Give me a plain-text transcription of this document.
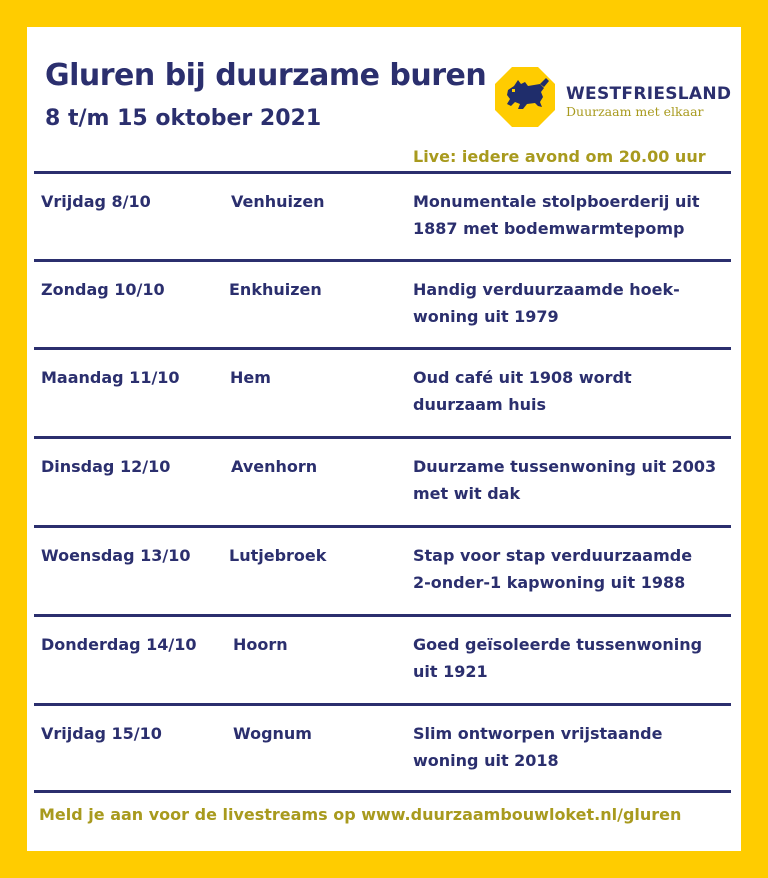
Gluren bij duurzame buren
8 t/m 15 oktober 2021
WESTFRIESLAND
Duurzaam met elkaar
Live: iedere avond om 20.00 uur
Vrijdag 8/10	Venhuizen	Monumentale stolpboerderij uit
1887 met bodemwarmtepomp
Zondag 10/10	Enkhuizen	Handig verduurzaamde hoek-
woning uit 1979
Maandag 11/10	Hem	Oud café uit 1908 wordt
duurzaam huis
Dinsdag 12/10	Avenhorn	Duurzame tussenwoning uit 2003
met wit dak
Woensdag 13/10 Lutjebroek	Stap voor stap verduurzaamde
2-onder-1 kapwoning uit 1988
Donderdag 14/10 Hoorn	Goed geïsoleerde tussenwoning
uit 1921
Vrijdag 15/10	Wognum	Slim ontworpen vrijstaande
woning uit 2018
Meld je aan voor de livestreams op www.duurzaambouwloket.nl/gluren
